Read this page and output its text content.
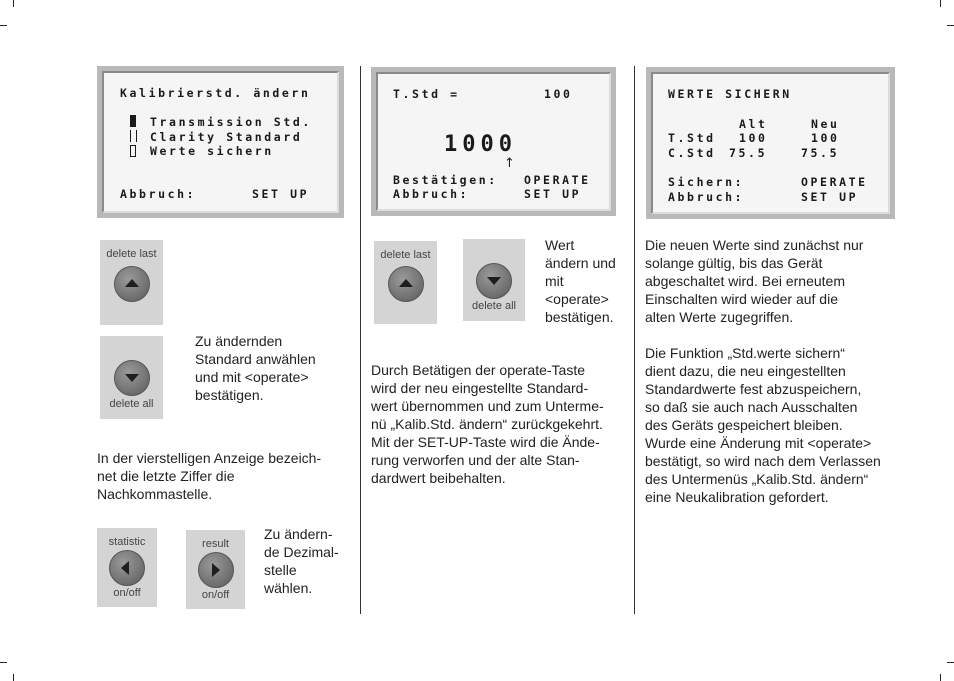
Kalibrierstd. ändern
Transmission Std.
Clarity Standard
Werte sichern
Abbruch:	SET UP
delete last
delete all

Zu ändernden
Standard anwählen
und mit <operate>
bestätigen.

In der vierstelligen Anzeige bezeich-
net die letzte Ziffer die
Nachkommastelle.

statistic
on/off
result
on/off

Zu ändern-
de Dezimal-
stelle
wählen.

T.Std =	100
1000
↑
Bestätigen: OPERATE
Abbruch:	SET UP
delete last
delete all

Wert
ändern und
mit
<operate>
bestätigen.

Durch Betätigen der operate-Taste
wird der neu eingestellte Standard-
wert übernommen und zum Unterme-
nü „Kalib.Std. ändern“ zurückgekehrt.
Mit der SET-UP-Taste wird die Ände-
rung verworfen und der alte Stan-
dardwert beibehalten.

WERTE SICHERN
Alt	Neu
T.Std 100	100
C.Std 75.5	75.5
Sichern:	OPERATE
Abbruch:	SET UP

Die neuen Werte sind zunächst nur
solange gültig, bis das Gerät
abgeschaltet wird. Bei erneutem
Einschalten wird wieder auf die
alten Werte zugegriffen.

Die Funktion „Std.werte sichern“
dient dazu, die neu eingestellten
Standardwerte fest abzuspeichern,
so daß sie auch nach Ausschalten
des Geräts gespeichert bleiben.
Wurde eine Änderung mit <operate>
bestätigt, so wird nach dem Verlassen
des Untermenüs „Kalib.Std. ändern“
eine Neukalibration gefordert.
